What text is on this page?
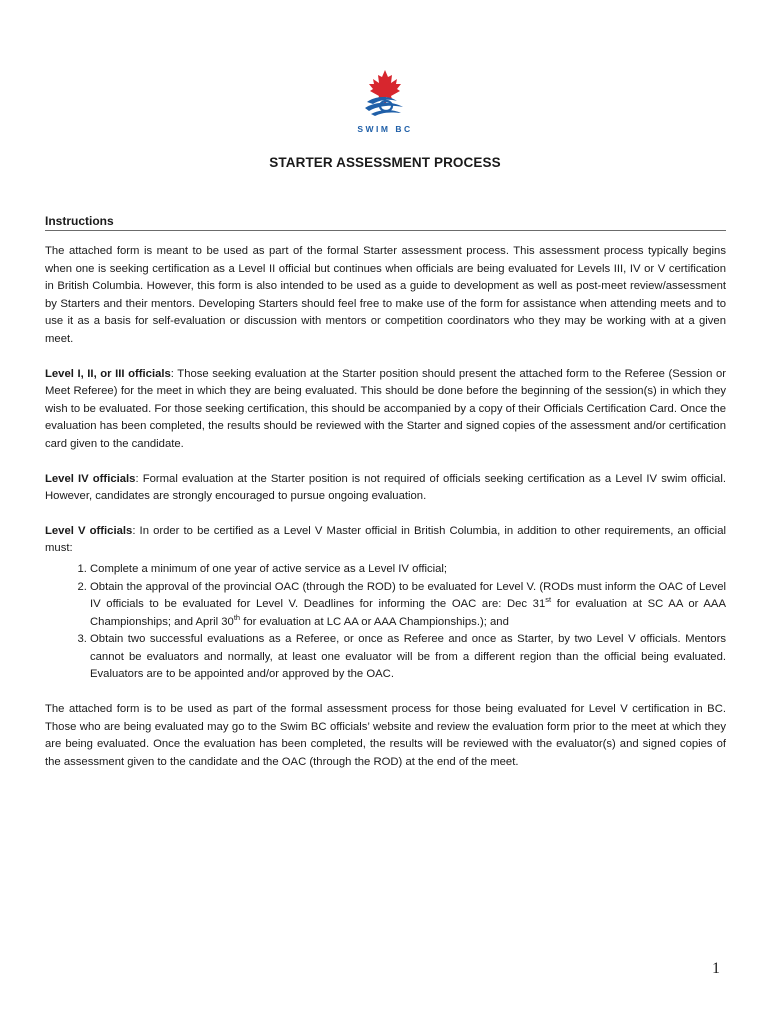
SWIM BC
STARTER ASSESSMENT PROCESS
Instructions

The attached form is meant to be used as part of the formal Starter assessment process. This assessment process typically begins when one is seeking certification as a Level II official but continues when officials are being evaluated for Levels III, IV or V certification in British Columbia. However, this form is also intended to be used as a guide to development as well as post-meet review/assessment by Starters and their mentors. Developing Starters should feel free to make use of the form for assistance when attending meets and to use it as a basis for self-evaluation or discussion with mentors or competition coordinators who they may be working with at a given meet.

Level I, II, or III officials: Those seeking evaluation at the Starter position should present the attached form to the Referee (Session or Meet Referee) for the meet in which they are being evaluated. This should be done before the beginning of the session(s) in which they wish to be evaluated. For those seeking certification, this should be accompanied by a copy of their Officials Certification Card. Once the evaluation has been completed, the results should be reviewed with the Starter and signed copies of the assessment and/or certification card given to the candidate.

Level IV officials: Formal evaluation at the Starter position is not required of officials seeking certification as a Level IV swim official. However, candidates are strongly encouraged to pursue ongoing evaluation.

Level V officials: In order to be certified as a Level V Master official in British Columbia, in addition to other requirements, an official must:

1. Complete a minimum of one year of active service as a Level IV official;
2. Obtain the approval of the provincial OAC (through the ROD) to be evaluated for Level V. (RODs must inform the OAC of Level IV officials to be evaluated for Level V. Deadlines for informing the OAC are: Dec 31st for evaluation at SC AA or AAA Championships; and April 30th for evaluation at LC AA or AAA Championships.); and
3. Obtain two successful evaluations as a Referee, or once as Referee and once as Starter, by two Level V officials. Mentors cannot be evaluators and normally, at least one evaluator will be from a different region than the official being evaluated. Evaluators are to be appointed and/or approved by the OAC.

The attached form is to be used as part of the formal assessment process for those being evaluated for Level V certification in BC. Those who are being evaluated may go to the Swim BC officials’ website and review the evaluation form prior to the meet at which they are being evaluated. Once the evaluation has been completed, the results will be reviewed with the evaluator(s) and signed copies of the assessment given to the candidate and the OAC (through the ROD) at the end of the meet.

1
